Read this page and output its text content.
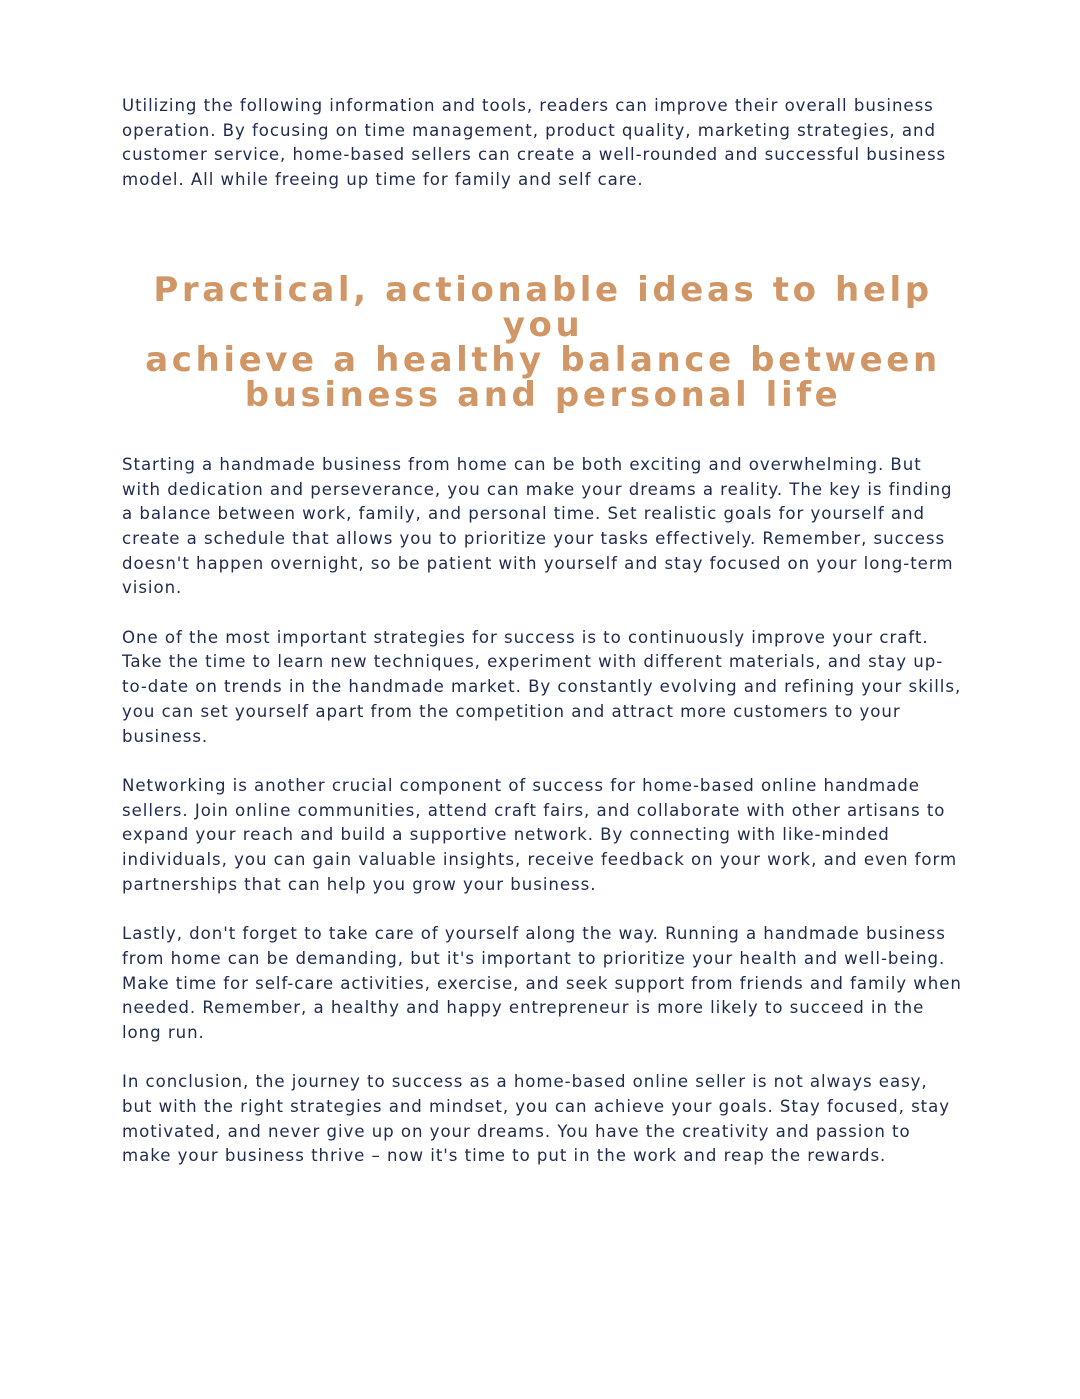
Utilizing the following information and tools, readers can improve their overall business operation. By focusing on time management, product quality, marketing strategies, and customer service, home-based sellers can create a well-rounded and successful business model. All while freeing up time for family and self care.

Practical, actionable ideas to help you
achieve a healthy balance between
business and personal life

Starting a handmade business from home can be both exciting and overwhelming. But with dedication and perseverance, you can make your dreams a reality. The key is finding a balance between work, family, and personal time. Set realistic goals for yourself and create a schedule that allows you to prioritize your tasks effectively. Remember, success doesn't happen overnight, so be patient with yourself and stay focused on your long-term vision.

One of the most important strategies for success is to continuously improve your craft. Take the time to learn new techniques, experiment with different materials, and stay up-to-date on trends in the handmade market. By constantly evolving and refining your skills, you can set yourself apart from the competition and attract more customers to your business.

Networking is another crucial component of success for home-based online handmade sellers. Join online communities, attend craft fairs, and collaborate with other artisans to expand your reach and build a supportive network. By connecting with like-minded individuals, you can gain valuable insights, receive feedback on your work, and even form partnerships that can help you grow your business.

Lastly, don't forget to take care of yourself along the way. Running a handmade business from home can be demanding, but it's important to prioritize your health and well-being. Make time for self-care activities, exercise, and seek support from friends and family when needed. Remember, a healthy and happy entrepreneur is more likely to succeed in the long run.

In conclusion, the journey to success as a home-based online seller is not always easy, but with the right strategies and mindset, you can achieve your goals. Stay focused, stay motivated, and never give up on your dreams. You have the creativity and passion to make your business thrive – now it's time to put in the work and reap the rewards.
